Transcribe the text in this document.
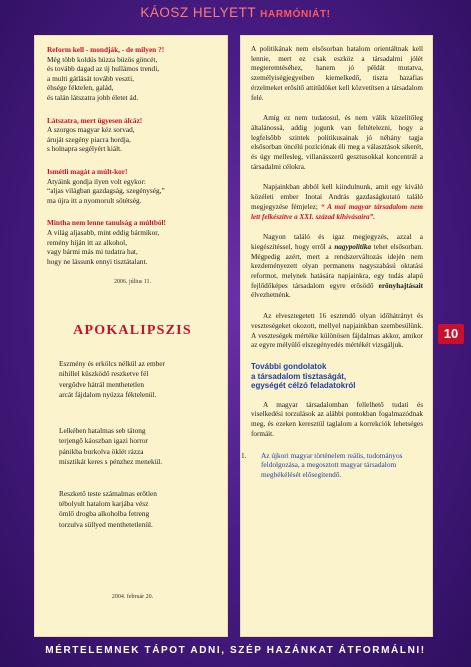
KÁOSZ HELYETT HARMÓNIÁT!

Reform kell - mondják, - de milyen ?!
Még több koldús húzza büzös göncét,
és tovább dagad az új hullámos trendi,
a multi gátlását tovább veszti,
éhsége féktelen, galád,
és talán látszatra jobb életet ád.

Látszatra, mert ügyesen álcáz!
A szorgos magyar kéz sorvad,
áruját szegény piacra hordja,
s holnapra segélyért kiált.

Ismétli magát a múlt-kor!
Atyáink gondja ilyen volt egykor:
“aljas világban gazdagság, szegénység,”
ma újra itt a nyomorult sötétség.

Mintha nem lenne tanulság a múltból!
A világ aljasabb, mint eddig bármikor,
remény híján itt az alkohol,
vagy bármi más mi tudatra hat,
hogy ne lássunk ennyi tisztátalant.

2006. július 11.
APOKALIPSZIS
Eszmény és erkölcs nélkül az ember
nihillel küszködő reszketve fél
vergődve hátrál menthetetlen
arcát fájdalom nyúzza féktelenül.
Lelkében hatalmas seb tátong
terjengő káoszban igazi horror
pánikba burkolva öklét rázza
misztikát keres s pénzhez menekül.
Reszkető teste számalmas erőtlen
tébolyult hatalom karjába vész
ömlő drogba alkoholba fetreng
torzulva süllyed menthetetlenül.
2004. február 20.

A politikának nem elsősorban hatalom orientáltnak kell lennie, mert ez csak eszköz a társadalmi jólét megteremtéséhez, hanem jó példát mutatva, személyiségjegyeiben kiemelkedő, tiszta hazafias érzelmeket erősítő attitűdöket kell közvetítsen a társadalom felé.

Amíg ez nem tudatosul, és nem válik közelítőleg általánossá, addig jogunk van feltételezni, hogy a legfelsőbb szintek politikusainak jó néhány tagja elsősorban öncélú pozíciónak éli meg a választások sikerét, és úgy mellesleg, villanásszerű gesztusokkal koncentrál a társadalmi célokra.

Napjainkban abból kell kiindulnunk, amit egy kiváló közéleti ember Inotai András gazdaságkutató találó megjegyzése fémjelez; “ A mai magyar társadalom nem lett felkészítve a XXI. század kihívásaira”.

Nagyon találó és igaz megjegyzés, azzal a kiegészítéssel, hogy erről a nagypolitika tehet elsősorban. Mégpedig azért, mert a rendszerváltozás idején nem kezdeményezett olyan permanens nagyszabású oktatási reformot, melynek hatására napjainkra, egy tudás alapú fejlődőképes társadalom egyre erősödő erőnyhajtásait élvezhetnénk.

Az elvesztegetett 16 esztendő olyan időhátrányt és veszteségeket okozott, mellyel napjainkban szembesülünk. A veszteségek mértéke különösen fájdalmas akkor, amikor az egyre mélyülő elszegényedés mértékét vizsgáljuk.

További gondolatok
a társadalom tisztaságát,
egységét célzó feladatokról

A magyar társadalomban fellelhető tudati és viselkedési torzulások az alábbi pontokban fogalmazódnak meg, és ezeken keresztül taglalom a korrekciók lehetséges formáit.

1. Az újkori magyar történelem reális, tudományos feldolgozása, a megosztott magyar társadalom megbékélését elősegítendő.
10
MÉRTELEMNEK TÁPOT ADNI, SZÉP HAZÁNKAT ÁTFORMÁLNI!
